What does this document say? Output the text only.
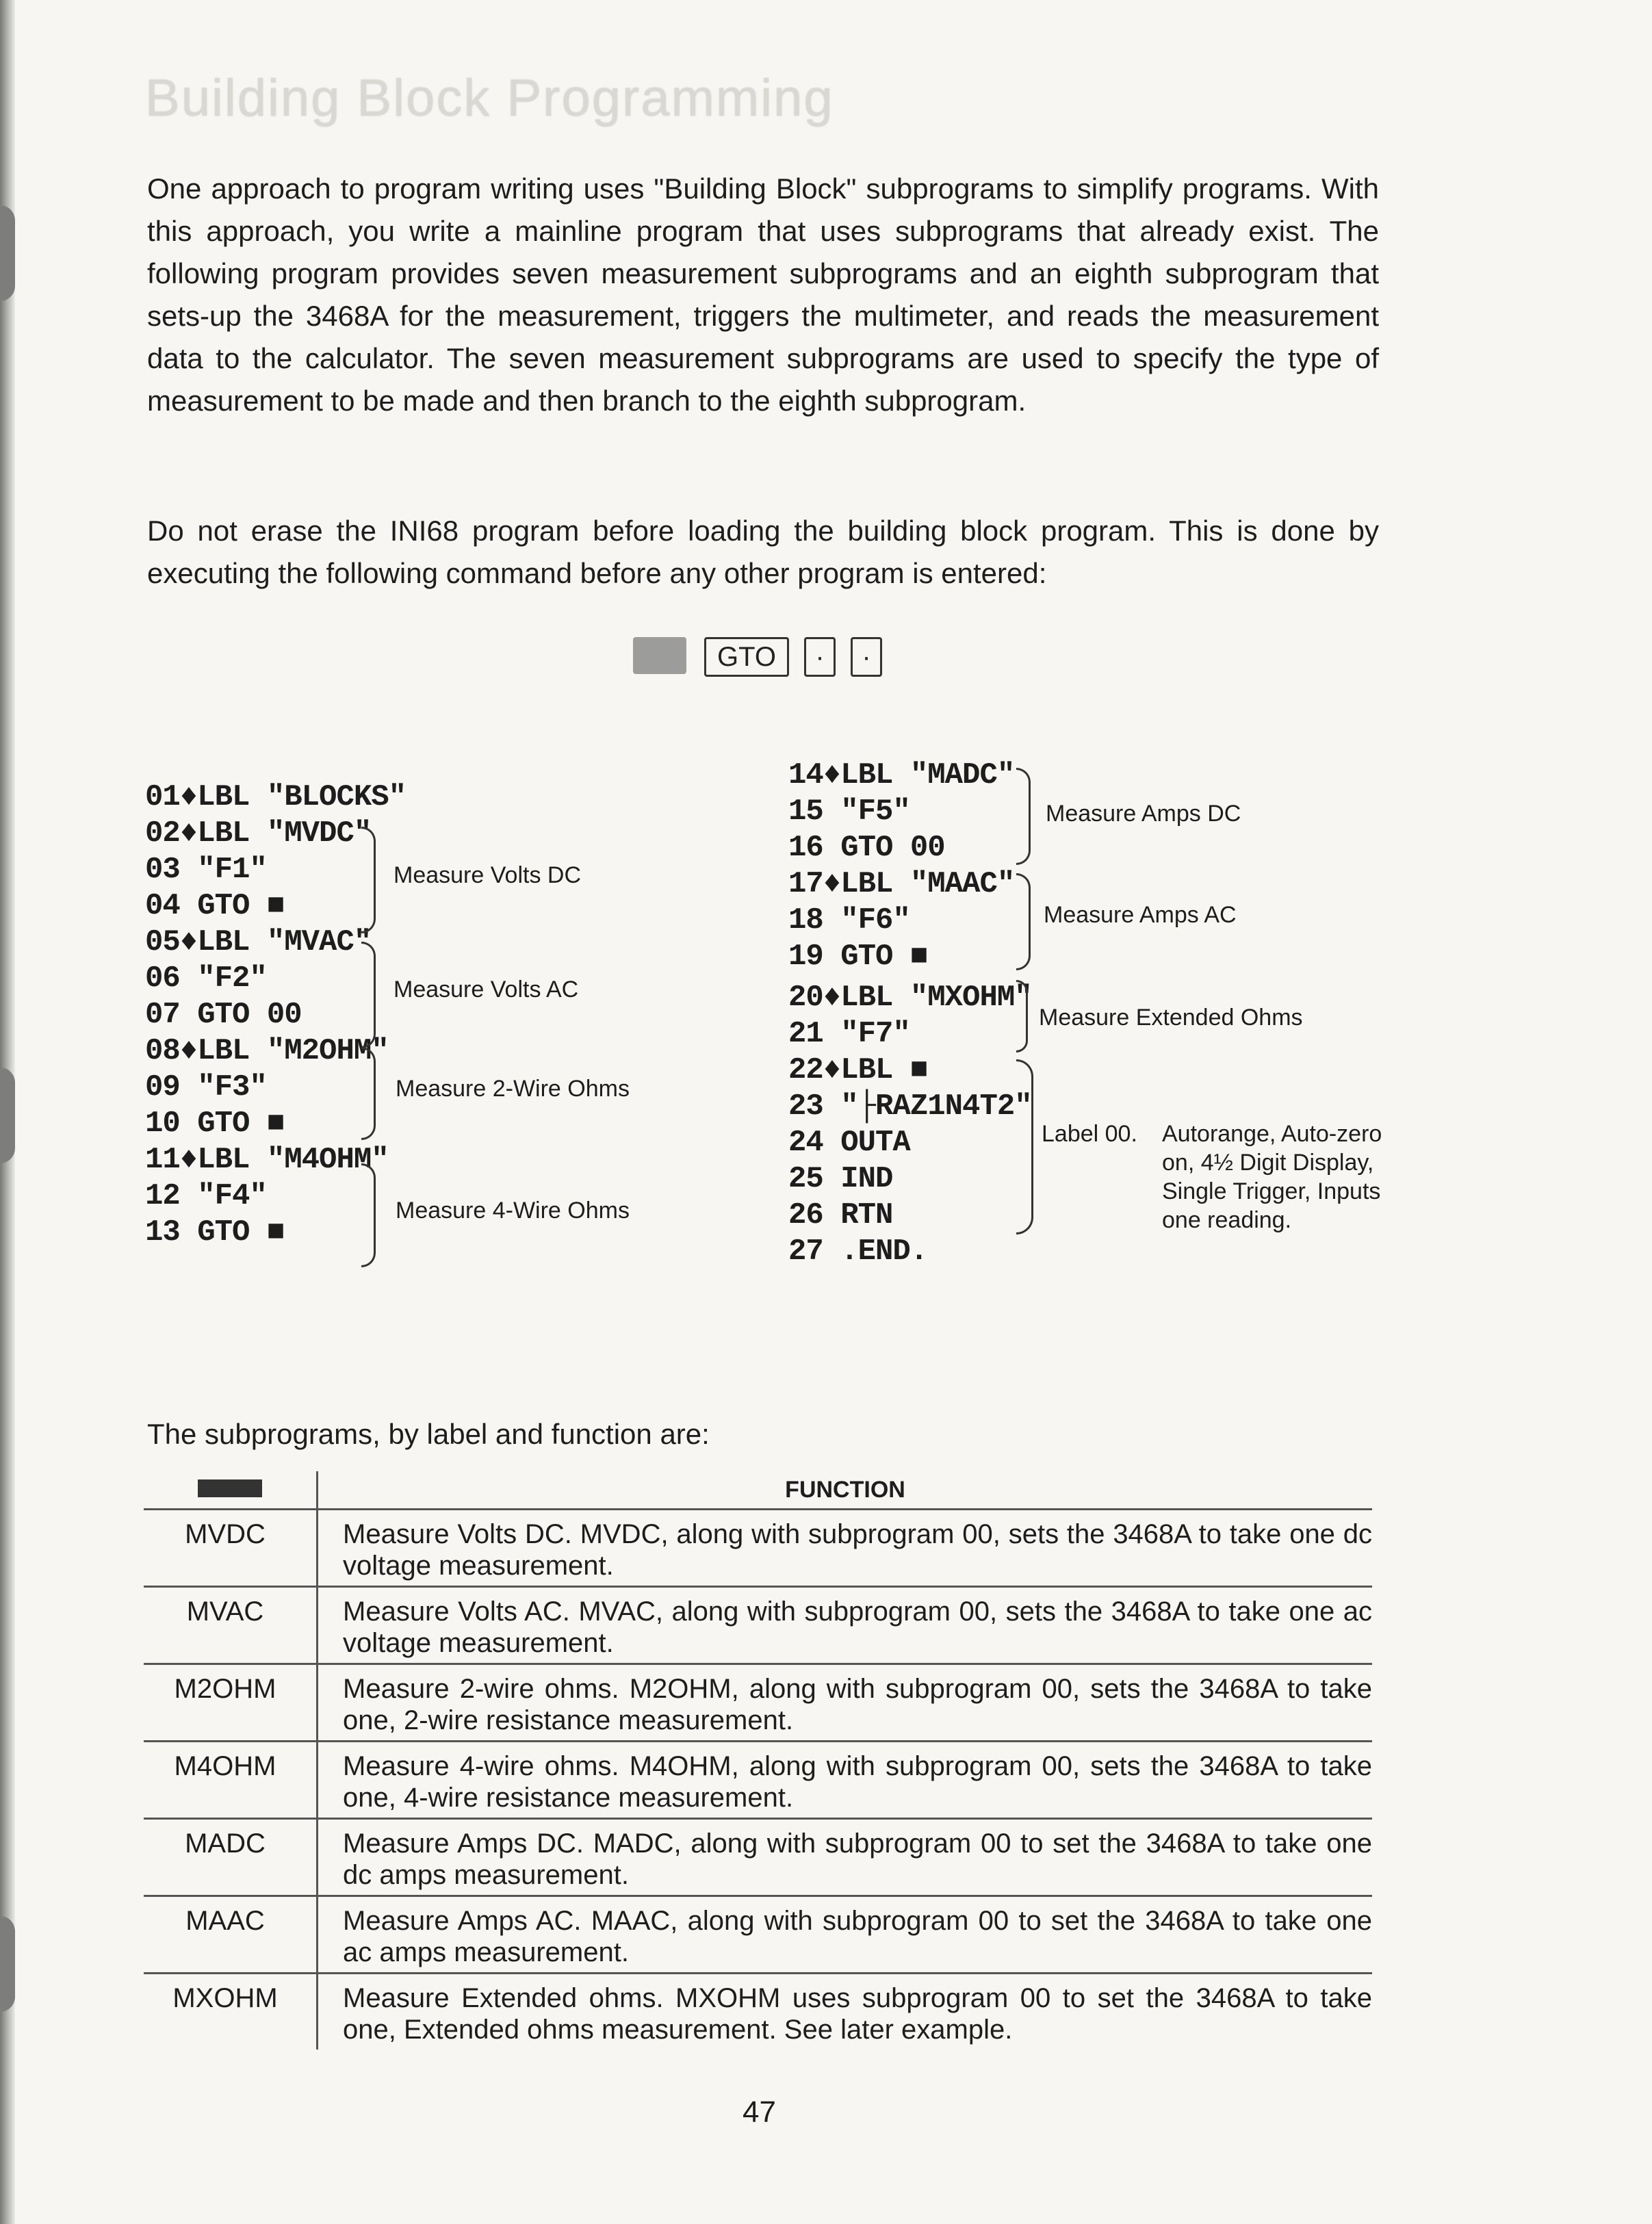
Building Block Programming

One approach to program writing uses "Building Block" subprograms to simplify programs. With this approach, you write a mainline program that uses subprograms that already exist. The following program provides seven measurement subprograms and an eighth subprogram that sets-up the 3468A for the measurement, triggers the multimeter, and reads the measurement data to the calculator. The seven measurement subprograms are used to specify the type of measurement to be made and then branch to the eighth subprogram.

Do not erase the INI68 program before loading the building block program. This is done by executing the following command before any other program is entered:

GTO	·	·
01♦LBL "BLOCKS"
02♦LBL "MVDC"
03 "F1"
04 GTO ■
05♦LBL "MVAC"
06 "F2"
07 GTO 00
08♦LBL "M2OHM"
09 "F3"
10 GTO ■
11♦LBL "M4OHM"
12 "F4"
13 GTO ■

Measure Volts DC

Measure Volts AC

Measure 2-Wire Ohms

Measure 4-Wire Ohms

14♦LBL "MADC"
15 "F5"
16 GTO 00
17♦LBL "MAAC"
18 "F6"
19 GTO ■
20♦LBL "MXOHM"
21 "F7"
22♦LBL ■
23 "├RAZ1N4T2"
24 OUTA
25 IND
26 RTN
27 .END.

Measure Amps DC

Measure Amps AC

Measure Extended Ohms

Label 00. Autorange, Auto-zero on, 4½ Digit Display, Single Trigger, Inputs one reading.

The subprograms, by label and function are:

	FUNCTION
MVDC	Measure Volts DC. MVDC, along with subprogram 00, sets the 3468A to take one dc voltage measurement.
MVAC	Measure Volts AC. MVAC, along with subprogram 00, sets the 3468A to take one ac voltage measurement.
M2OHM	Measure 2-wire ohms. M2OHM, along with subprogram 00, sets the 3468A to take one, 2-wire resistance measurement.
M4OHM	Measure 4-wire ohms. M4OHM, along with subprogram 00, sets the 3468A to take one, 4-wire resistance measurement.
MADC	Measure Amps DC. MADC, along with subprogram 00 to set the 3468A to take one dc amps measurement.
MAAC	Measure Amps AC. MAAC, along with subprogram 00 to set the 3468A to take one ac amps measurement.
MXOHM	Measure Extended ohms. MXOHM uses subprogram 00 to set the 3468A to take one, Extended ohms measurement. See later example.

47
